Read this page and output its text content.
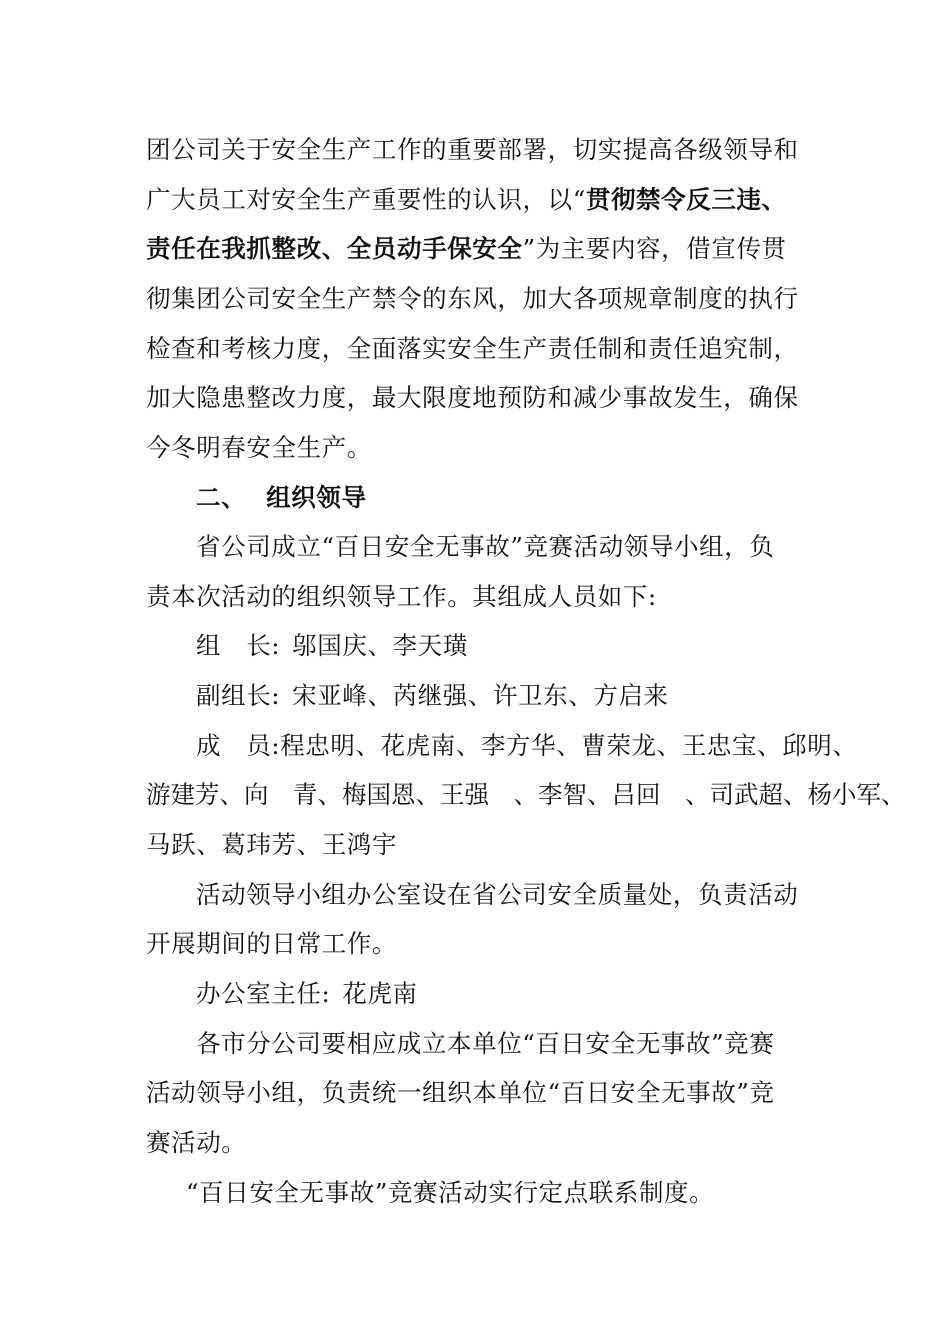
团公司关于安全生产工作的重要部署，切实提高各级领导和
广大员工对安全生产重要性的认识，以“贯彻禁令反三违、
责任在我抓整改、全员动手保安全”为主要内容，借宣传贯
彻集团公司安全生产禁令的东风，加大各项规章制度的执行
检查和考核力度，全面落实安全生产责任制和责任追究制，
加大隐患整改力度，最大限度地预防和减少事故发生，确保
今冬明春安全生产。
二、 组织领导
省公司成立“百日安全无事故”竞赛活动领导小组，负
责本次活动的组织领导工作。其组成人员如下:
组　长: 邬国庆、李天璜
副组长: 宋亚峰、芮继强、许卫东、方启来
成　员:程忠明、花虎南、李方华、曹荣龙、王忠宝、邱明、
游建芳、向　青、梅国恩、王强　、李智、吕回　、司武超、杨小军、
马跃、葛玮芳、王鸿宇
活动领导小组办公室设在省公司安全质量处，负责活动
开展期间的日常工作。
办公室主任: 花虎南
各市分公司要相应成立本单位“百日安全无事故”竞赛
活动领导小组，负责统一组织本单位“百日安全无事故”竞
赛活动。
“百日安全无事故”竞赛活动实行定点联系制度。
